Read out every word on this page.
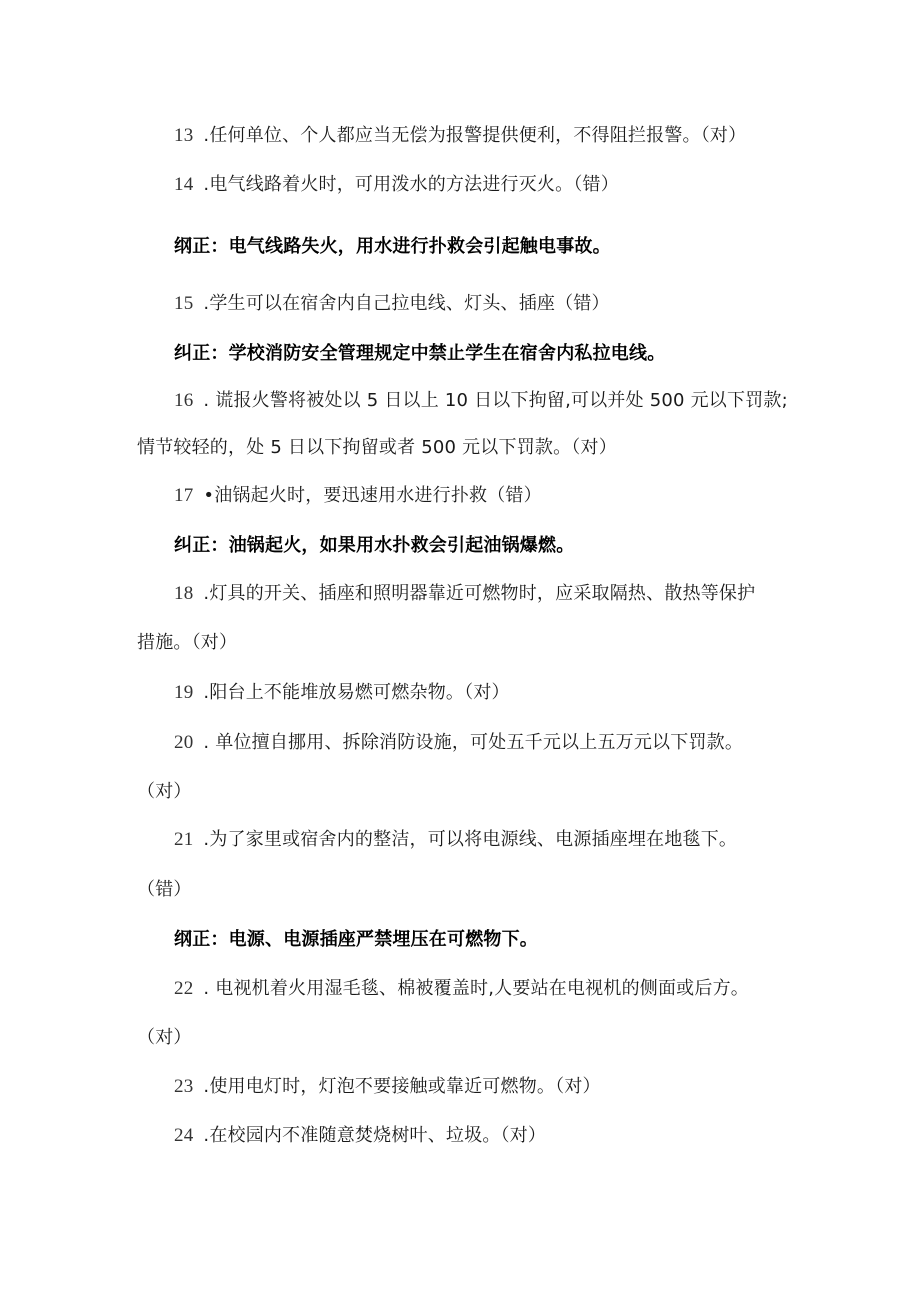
13 .任何单位、个人都应当无偿为报警提供便利，不得阻拦报警。（对）
14 .电气线路着火时，可用泼水的方法进行灭火。（错）
纲正：电气线路失火，用水进行扑救会引起触电事故。
15 .学生可以在宿舍内自己拉电线、灯头、插座（错）
纠正：学校消防安全管理规定中禁止学生在宿舍内私拉电线。
16 . 谎报火警将被处以 5 日以上 10 日以下拘留,可以并处 500 元以下罚款;
情节较轻的，处 5 日以下拘留或者 500 元以下罚款。（对）
17 •油锅起火时，要迅速用水进行扑救（错）
纠正：油锅起火，如果用水扑救会引起油锅爆燃。
18 .灯具的开关、插座和照明器靠近可燃物时，应采取隔热、散热等保护
措施。（对）
19 .阳台上不能堆放易燃可燃杂物。（对）
20 . 单位擅自挪用、拆除消防设施，可处五千元以上五万元以下罚款。
（对）
21 .为了家里或宿舍内的整洁，可以将电源线、电源插座埋在地毯下。
（错）
纲正：电源、电源插座严禁埋压在可燃物下。
22 . 电视机着火用湿毛毯、棉被覆盖时,人要站在电视机的侧面或后方。
（对）
23 .使用电灯时，灯泡不要接触或靠近可燃物。（对）
24 .在校园内不准随意焚烧树叶、垃圾。（对）
